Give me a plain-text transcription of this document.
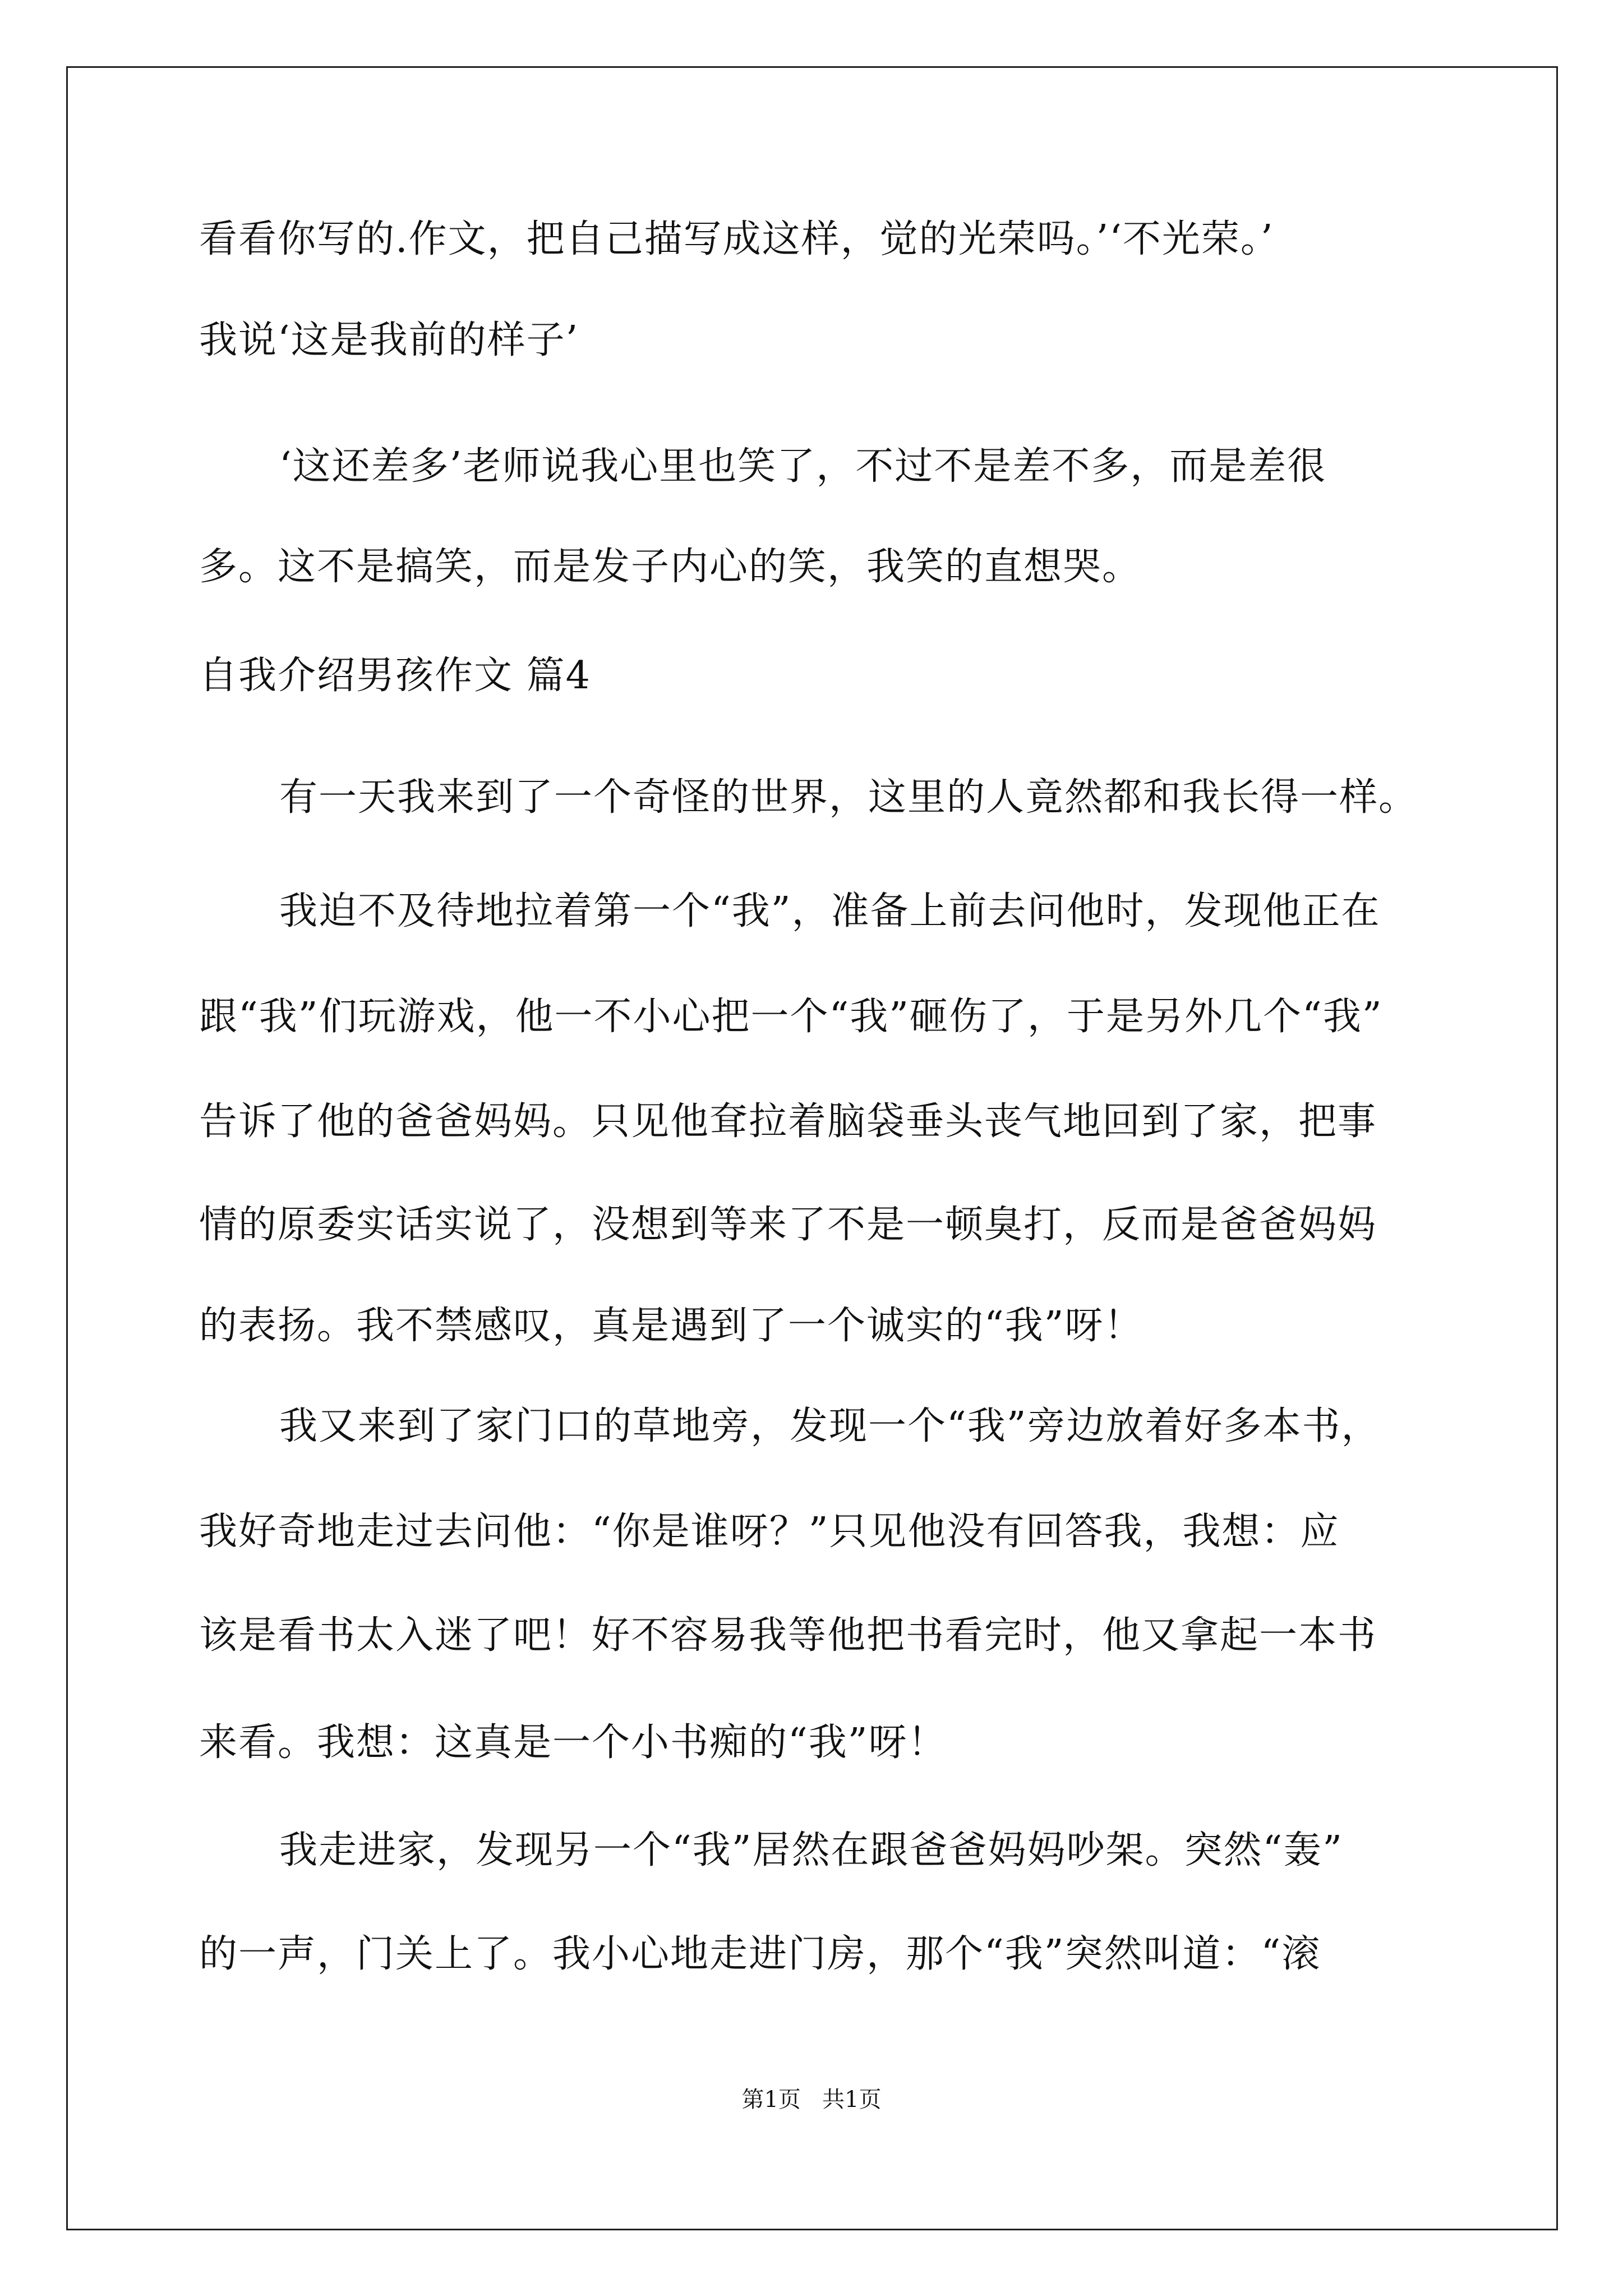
看看你写的.作文，把自己描写成这样，觉的光荣吗。’‘不光荣。’

我说‘这是我前的样子’

‘这还差多’老师说我心里也笑了，不过不是差不多，而是差很

多。这不是搞笑，而是发子内心的笑，我笑的直想哭。

自我介绍男孩作文 篇4

有一天我来到了一个奇怪的世界，这里的人竟然都和我长得一样。

我迫不及待地拉着第一个“我”，准备上前去问他时，发现他正在

跟“我”们玩游戏，他一不小心把一个“我”砸伤了，于是另外几个“我”

告诉了他的爸爸妈妈。只见他耷拉着脑袋垂头丧气地回到了家，把事

情的原委实话实说了，没想到等来了不是一顿臭打，反而是爸爸妈妈

的表扬。我不禁感叹，真是遇到了一个诚实的“我”呀！

我又来到了家门口的草地旁，发现一个“我”旁边放着好多本书，

我好奇地走过去问他：“你是谁呀？”只见他没有回答我，我想：应

该是看书太入迷了吧！好不容易我等他把书看完时，他又拿起一本书

来看。我想：这真是一个小书痴的“我”呀！

我走进家，发现另一个“我”居然在跟爸爸妈妈吵架。突然“轰”

的一声，门关上了。我小心地走进门房，那个“我”突然叫道：“滚

第1页   共1页
